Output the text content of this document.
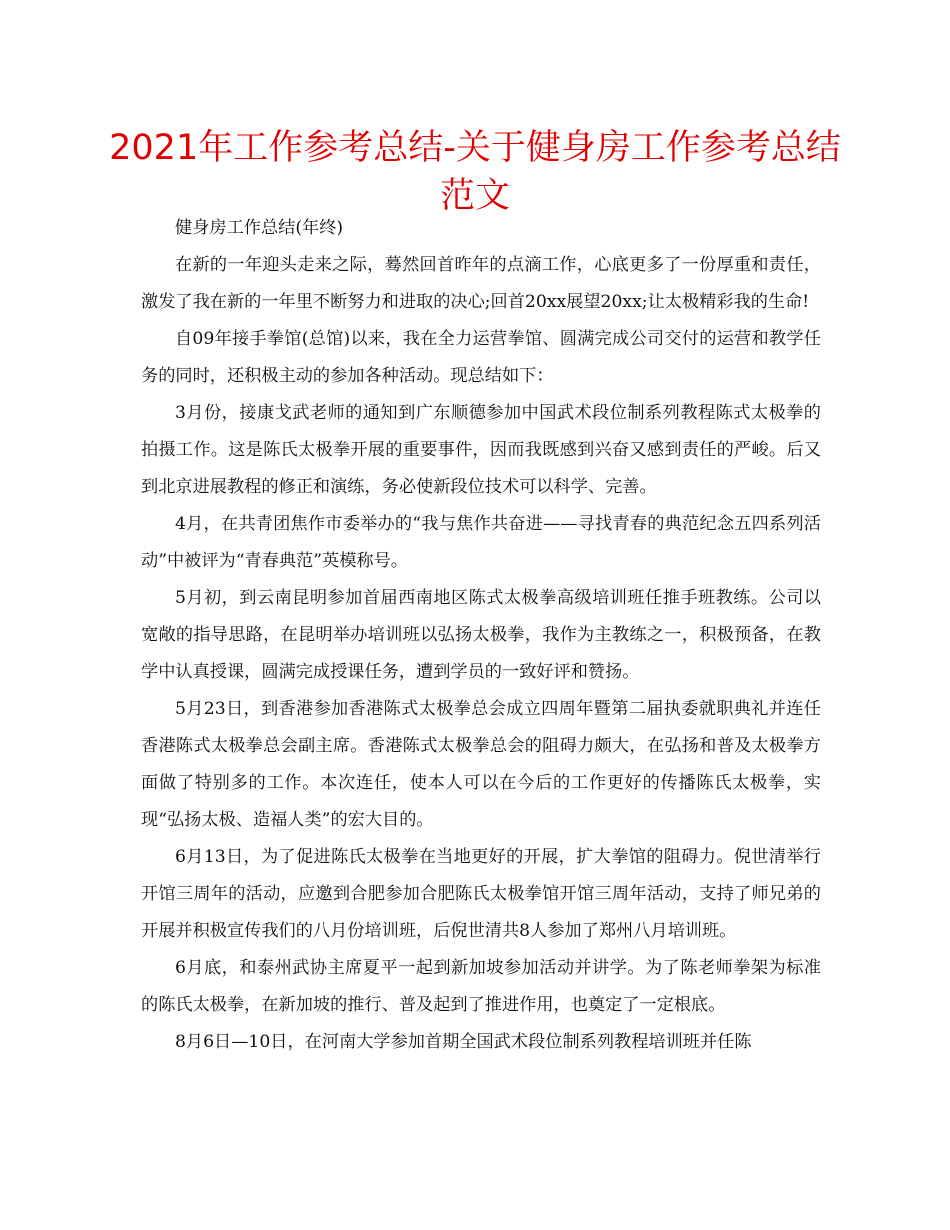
2021年工作参考总结-关于健身房工作参考总结
范文

健身房工作总结(年终)

在新的一年迎头走来之际，蓦然回首昨年的点滴工作，心底更多了一份厚重和责任，激发了我在新的一年里不断努力和进取的决心;回首20xx展望20xx;让太极精彩我的生命!

自09年接手拳馆(总馆)以来，我在全力运营拳馆、圆满完成公司交付的运营和教学任务的同时，还积极主动的参加各种活动。现总结如下：

3月份，接康戈武老师的通知到广东顺德参加中国武术段位制系列教程陈式太极拳的拍摄工作。这是陈氏太极拳开展的重要事件，因而我既感到兴奋又感到责任的严峻。后又到北京进展教程的修正和演练，务必使新段位技术可以科学、完善。

4月，在共青团焦作市委举办的“我与焦作共奋进——寻找青春的典范纪念五四系列活动”中被评为“青春典范”英模称号。

5月初，到云南昆明参加首届西南地区陈式太极拳高级培训班任推手班教练。公司以宽敞的指导思路，在昆明举办培训班以弘扬太极拳，我作为主教练之一，积极预备，在教学中认真授课，圆满完成授课任务，遭到学员的一致好评和赞扬。

5月23日，到香港参加香港陈式太极拳总会成立四周年暨第二届执委就职典礼并连任香港陈式太极拳总会副主席。香港陈式太极拳总会的阻碍力颇大，在弘扬和普及太极拳方面做了特别多的工作。本次连任，使本人可以在今后的工作更好的传播陈氏太极拳，实现“弘扬太极、造福人类”的宏大目的。

6月13日，为了促进陈氏太极拳在当地更好的开展，扩大拳馆的阻碍力。倪世清举行开馆三周年的活动，应邀到合肥参加合肥陈氏太极拳馆开馆三周年活动，支持了师兄弟的开展并积极宣传我们的八月份培训班，后倪世清共8人参加了郑州八月培训班。

6月底，和泰州武协主席夏平一起到新加坡参加活动并讲学。为了陈老师拳架为标准的陈氏太极拳，在新加坡的推行、普及起到了推进作用，也奠定了一定根底。

8月6日—10日，在河南大学参加首期全国武术段位制系列教程培训班并任陈
